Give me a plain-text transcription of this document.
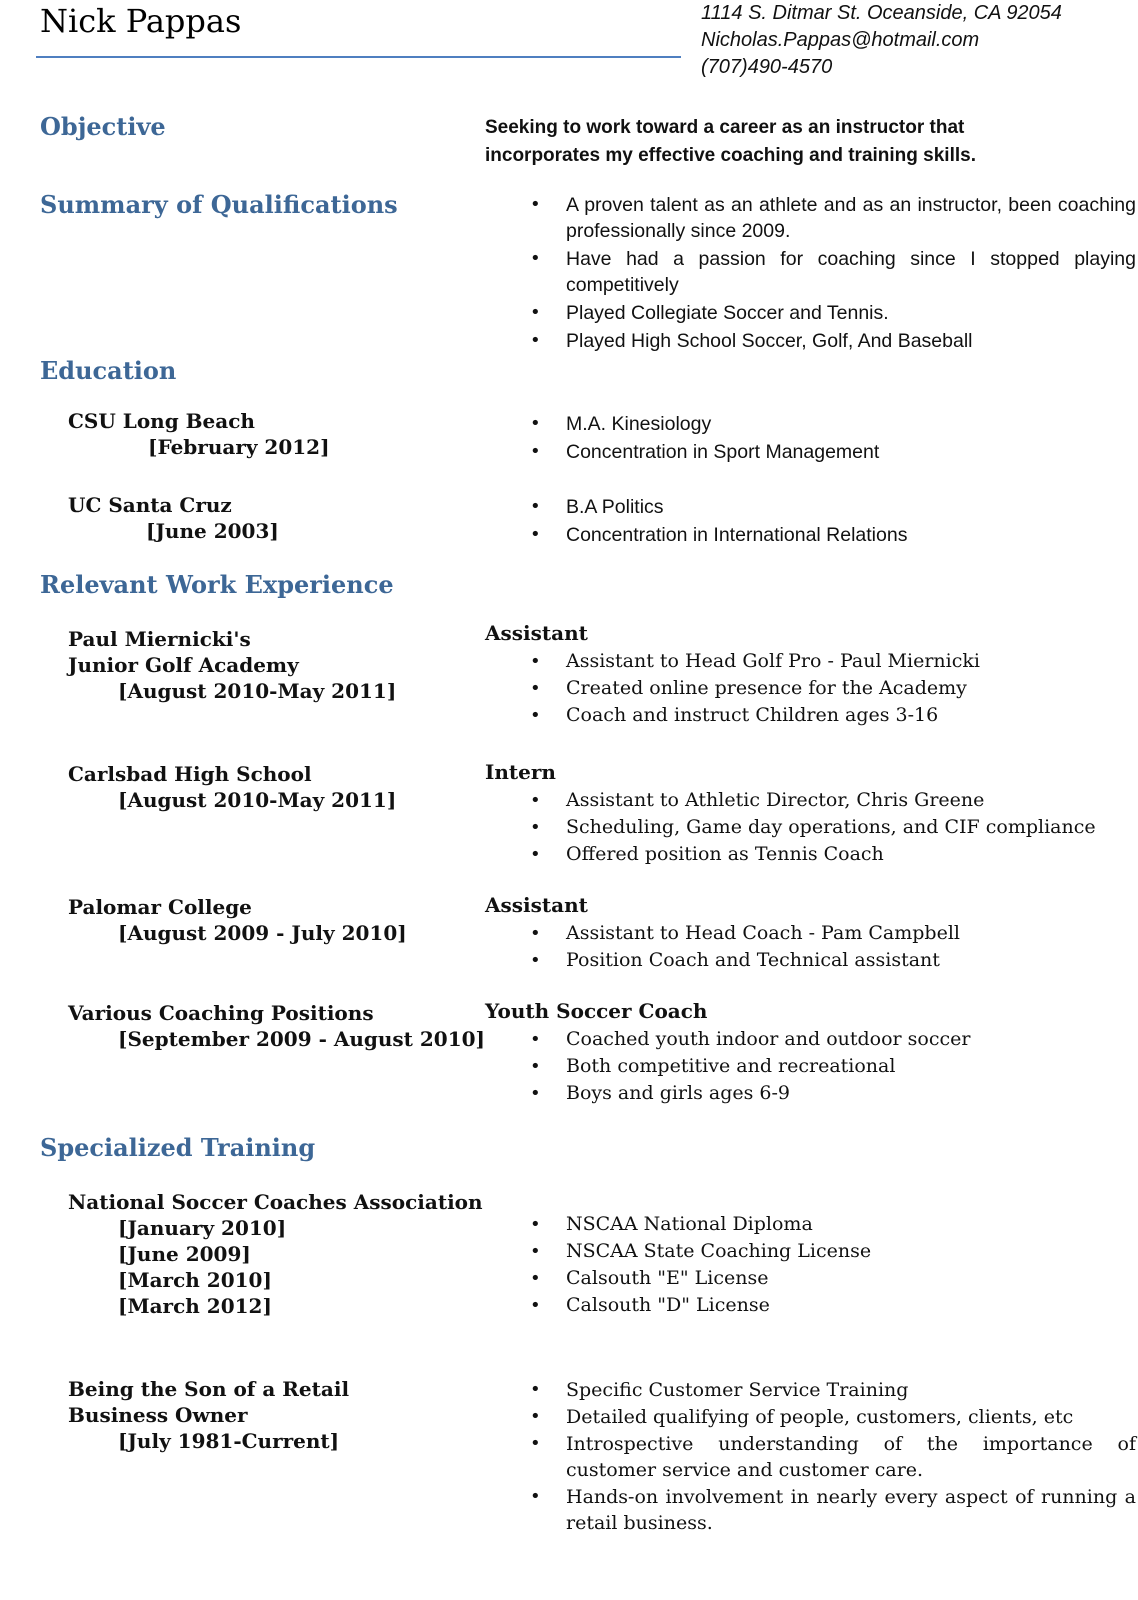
Nick Pappas	1114 S. Ditmar St. Oceanside, CA 92054
Nicholas.Pappas@hotmail.com
(707)490-4570
Objective	Seeking to work toward a career as an instructor that incorporates my effective coaching and training skills.
Summary of Qualifications
•	A proven talent as an athlete and as an instructor, been coaching professionally since 2009.
• Have had a passion for coaching since I stopped playing competitively
• Played Collegiate Soccer and Tennis.
• Played High School Soccer, Golf, And Baseball
Education
CSU Long Beach
[February 2012]
• M.A. Kinesiology
• Concentration in Sport Management
UC Santa Cruz
[June 2003]
• B.A Politics
• Concentration in International Relations
Relevant Work Experience
Paul Miernicki's
Junior Golf Academy
[August 2010-May 2011]
Assistant
• Assistant to Head Golf Pro - Paul Miernicki
• Created online presence for the Academy
• Coach and instruct Children ages 3-16
Carlsbad High School
[August 2010-May 2011]
Intern
• Assistant to Athletic Director, Chris Greene
• Scheduling, Game day operations, and CIF compliance
• Offered position as Tennis Coach
Palomar College
[August 2009 - July 2010]
Assistant
• Assistant to Head Coach - Pam Campbell
• Position Coach and Technical assistant
Various Coaching Positions
[September 2009 - August 2010]
Youth Soccer Coach
• Coached youth indoor and outdoor soccer
• Both competitive and recreational
• Boys and girls ages 6-9
Specialized Training
National Soccer Coaches Association
[January 2010]
[June 2009]
[March 2010]
[March 2012]
• NSCAA National Diploma
• NSCAA State Coaching License
• Calsouth "E" License
• Calsouth "D" License
Being the Son of a Retail
Business Owner
[July 1981-Current]
• Specific Customer Service Training
• Detailed qualifying of people, customers, clients, etc
• Introspective understanding of the importance of customer service and customer care.
• Hands-on involvement in nearly every aspect of running a retail business.
